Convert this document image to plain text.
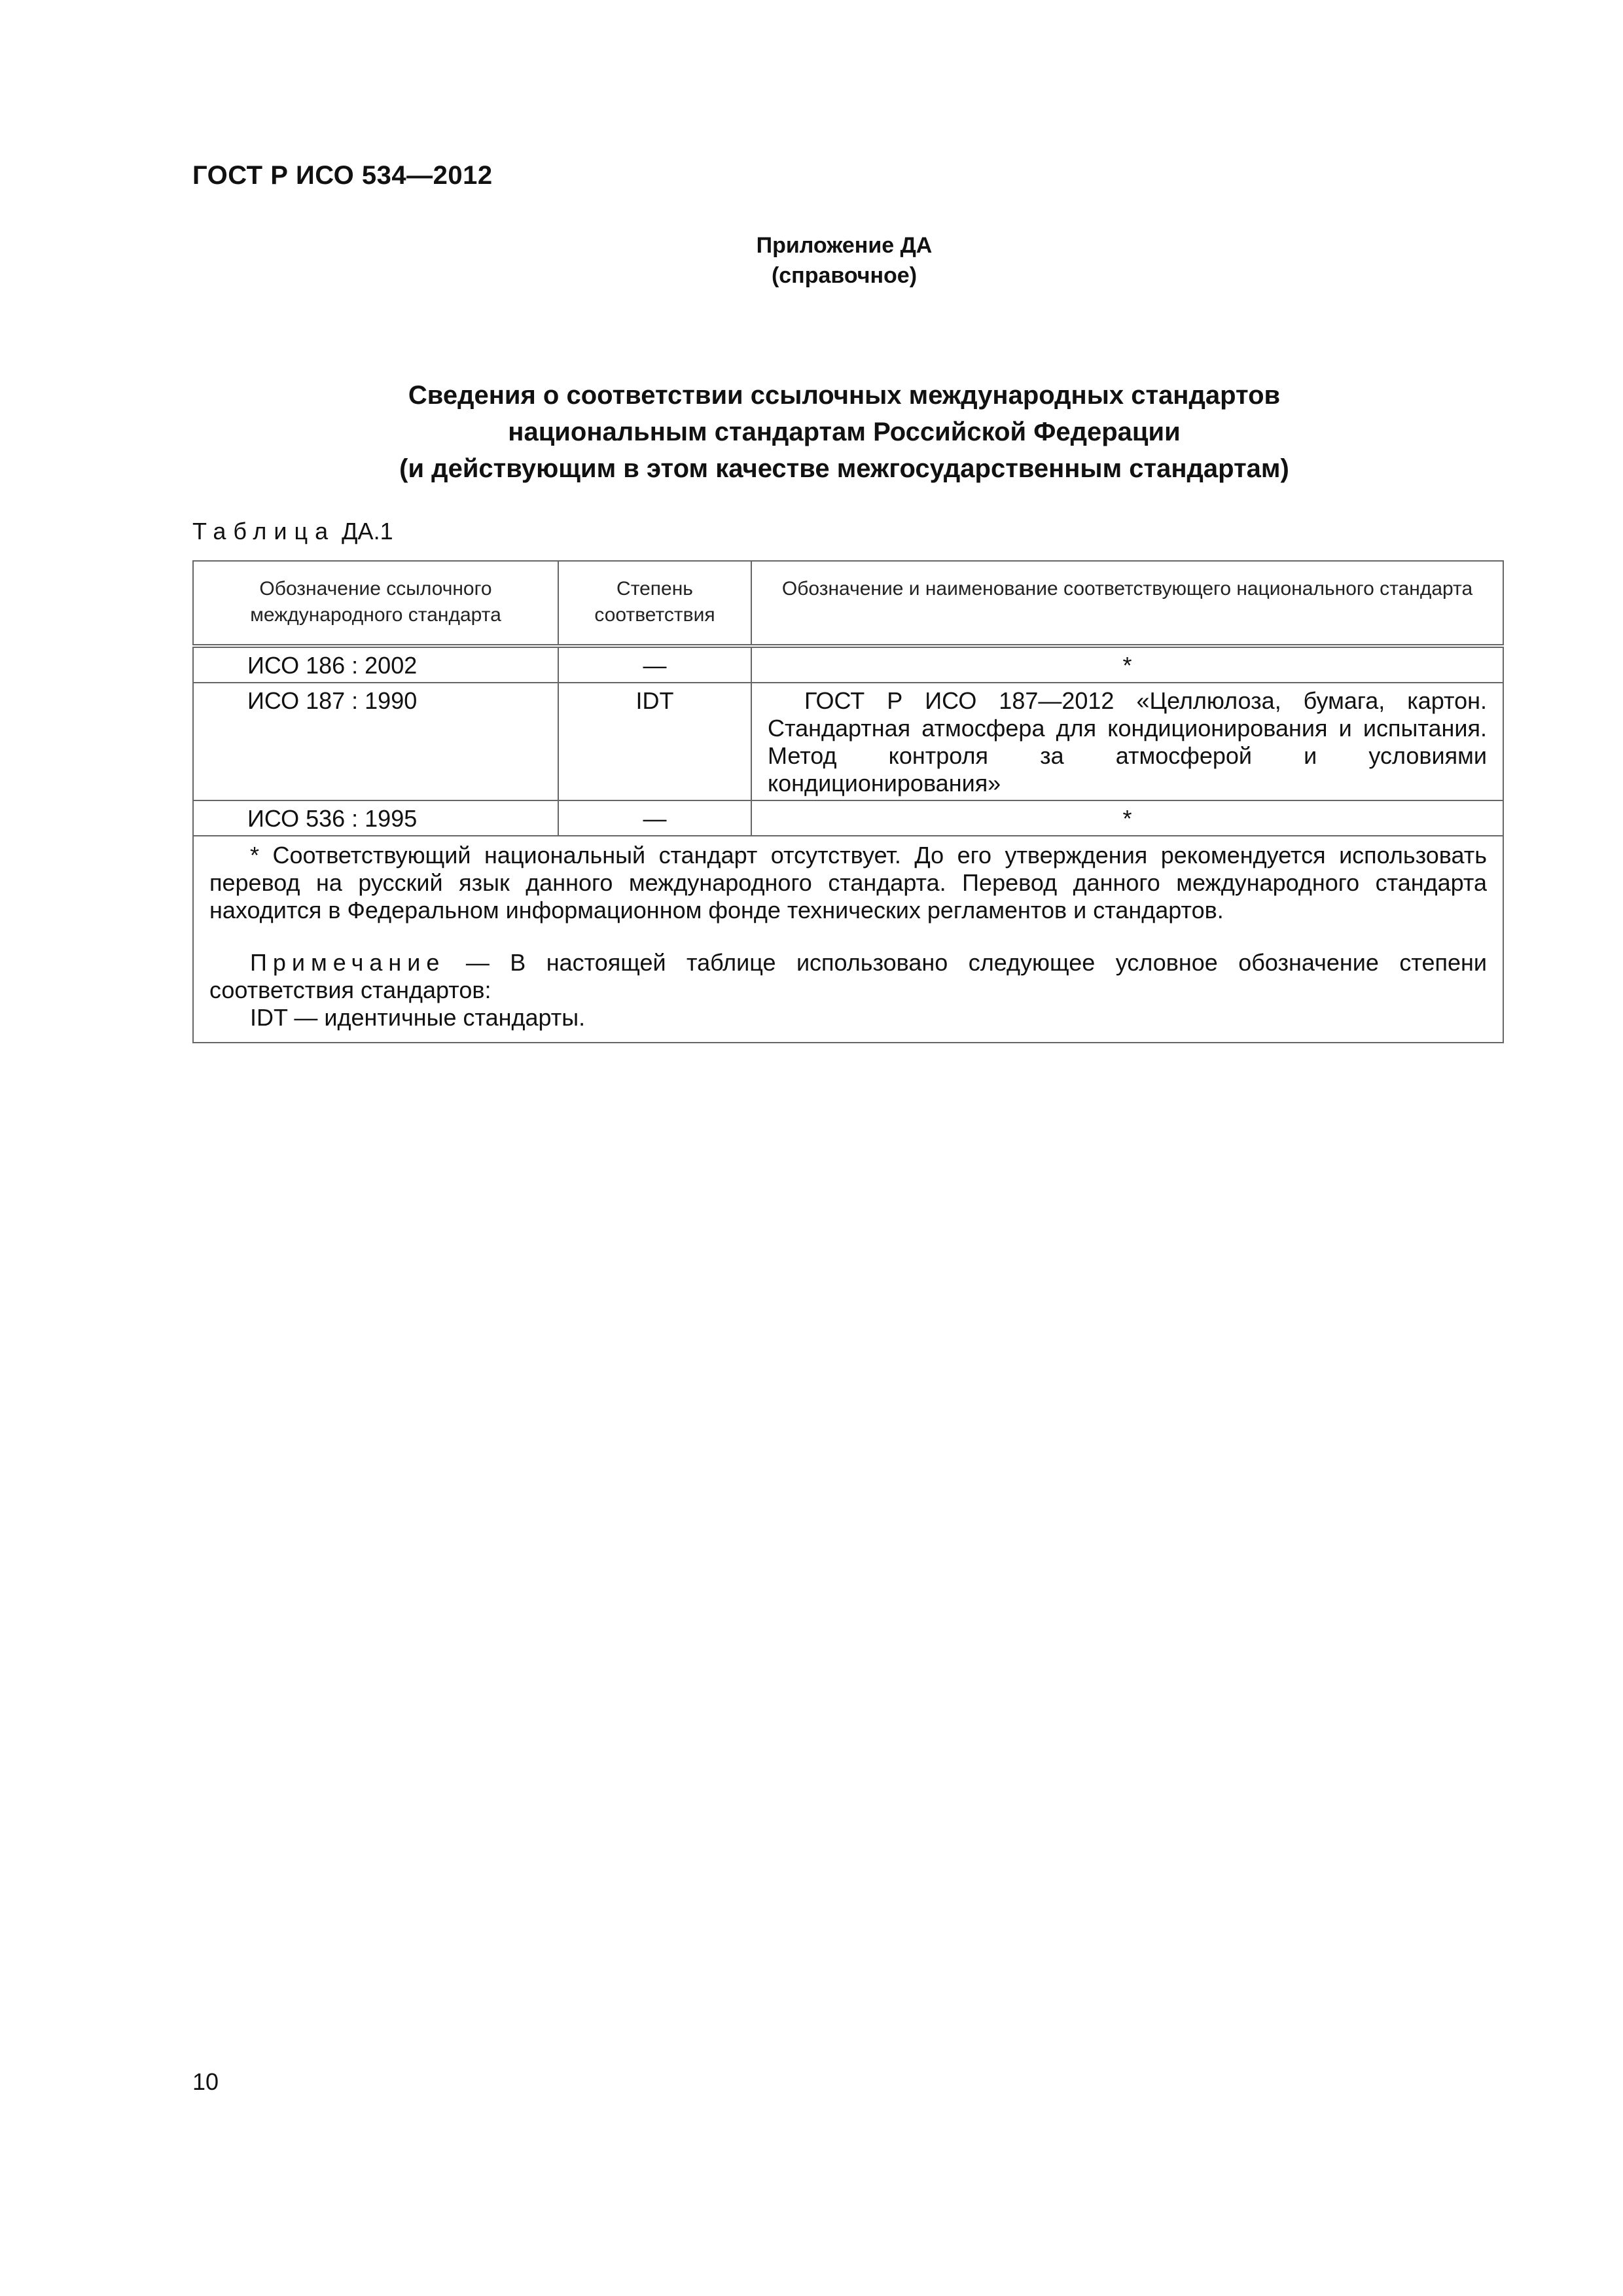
ГОСТ Р ИСО 534—2012
Приложение ДА
(справочное)
Сведения о соответствии ссылочных международных стандартов
национальным стандартам Российской Федерации
(и действующим в этом качестве межгосударственным стандартам)
Таблица ДА.1
Обозначение ссылочного международного стандарта	Степень соответствия	Обозначение и наименование соответствующего национального стандарта
ИСО 186 : 2002	—	*
ИСО 187 : 1990	IDT	ГОСТ Р ИСО 187—2012 «Целлюлоза, бумага, картон. Стандартная атмосфера для кондиционирования и испытания. Метод контроля за атмосферой и условиями кондиционирования»
ИСО 536 : 1995	—	*

* Соответствующий национальный стандарт отсутствует. До его утверждения рекомендуется использовать перевод на русский язык данного международного стандарта. Перевод данного международного стандарта находится в Федеральном информационном фонде технических регламентов и стандартов.
Примечание — В настоящей таблице использовано следующее условное обозначение степени соответствия стандартов:
IDT — идентичные стандарты.		
10
